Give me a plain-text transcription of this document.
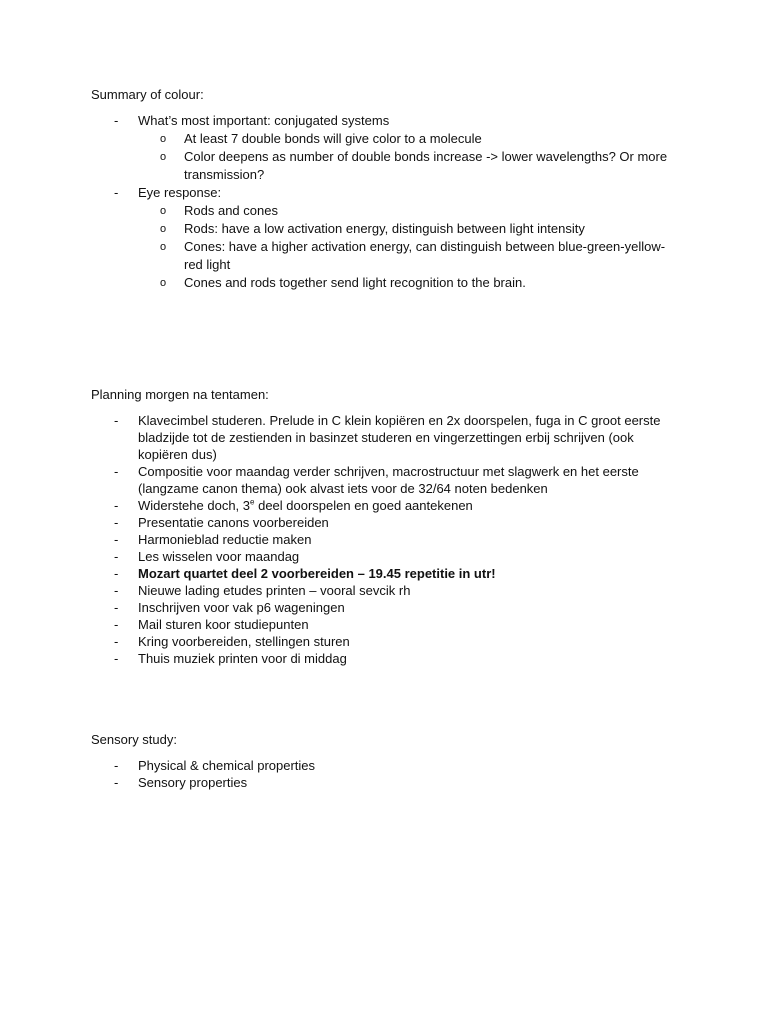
Summary of colour:
-	What’s most important: conjugated systems
o At least 7 double bonds will give color to a molecule
o Color deepens as number of double bonds increase -> lower wavelengths? Or more transmission?
-	Eye response:
o Rods and cones
o Rods: have a low activation energy, distinguish between light intensity
o Cones: have a higher activation energy, can distinguish between blue-green-yellow-red light
o Cones and rods together send light recognition to the brain.
Planning morgen na tentamen:
-	Klavecimbel studeren. Prelude in C klein kopiëren en 2x doorspelen, fuga in C groot eerste bladzijde tot de zestienden in basinzet studeren en vingerzettingen erbij schrijven (ook kopiëren dus)
-	Compositie voor maandag verder schrijven, macrostructuur met slagwerk en het eerste (langzame canon thema) ook alvast iets voor de 32/64 noten bedenken
-	Widerstehe doch, 3e deel doorspelen en goed aantekenen
-	Presentatie canons voorbereiden
-	Harmonieblad reductie maken
-	Les wisselen voor maandag
-	Mozart quartet deel 2 voorbereiden – 19.45 repetitie in utr!
-	Nieuwe lading etudes printen – vooral sevcik rh
-	Inschrijven voor vak p6 wageningen
-	Mail sturen koor studiepunten
-	Kring voorbereiden, stellingen sturen
-	Thuis muziek printen voor di middag
Sensory study:
-	Physical & chemical properties
-	Sensory properties
